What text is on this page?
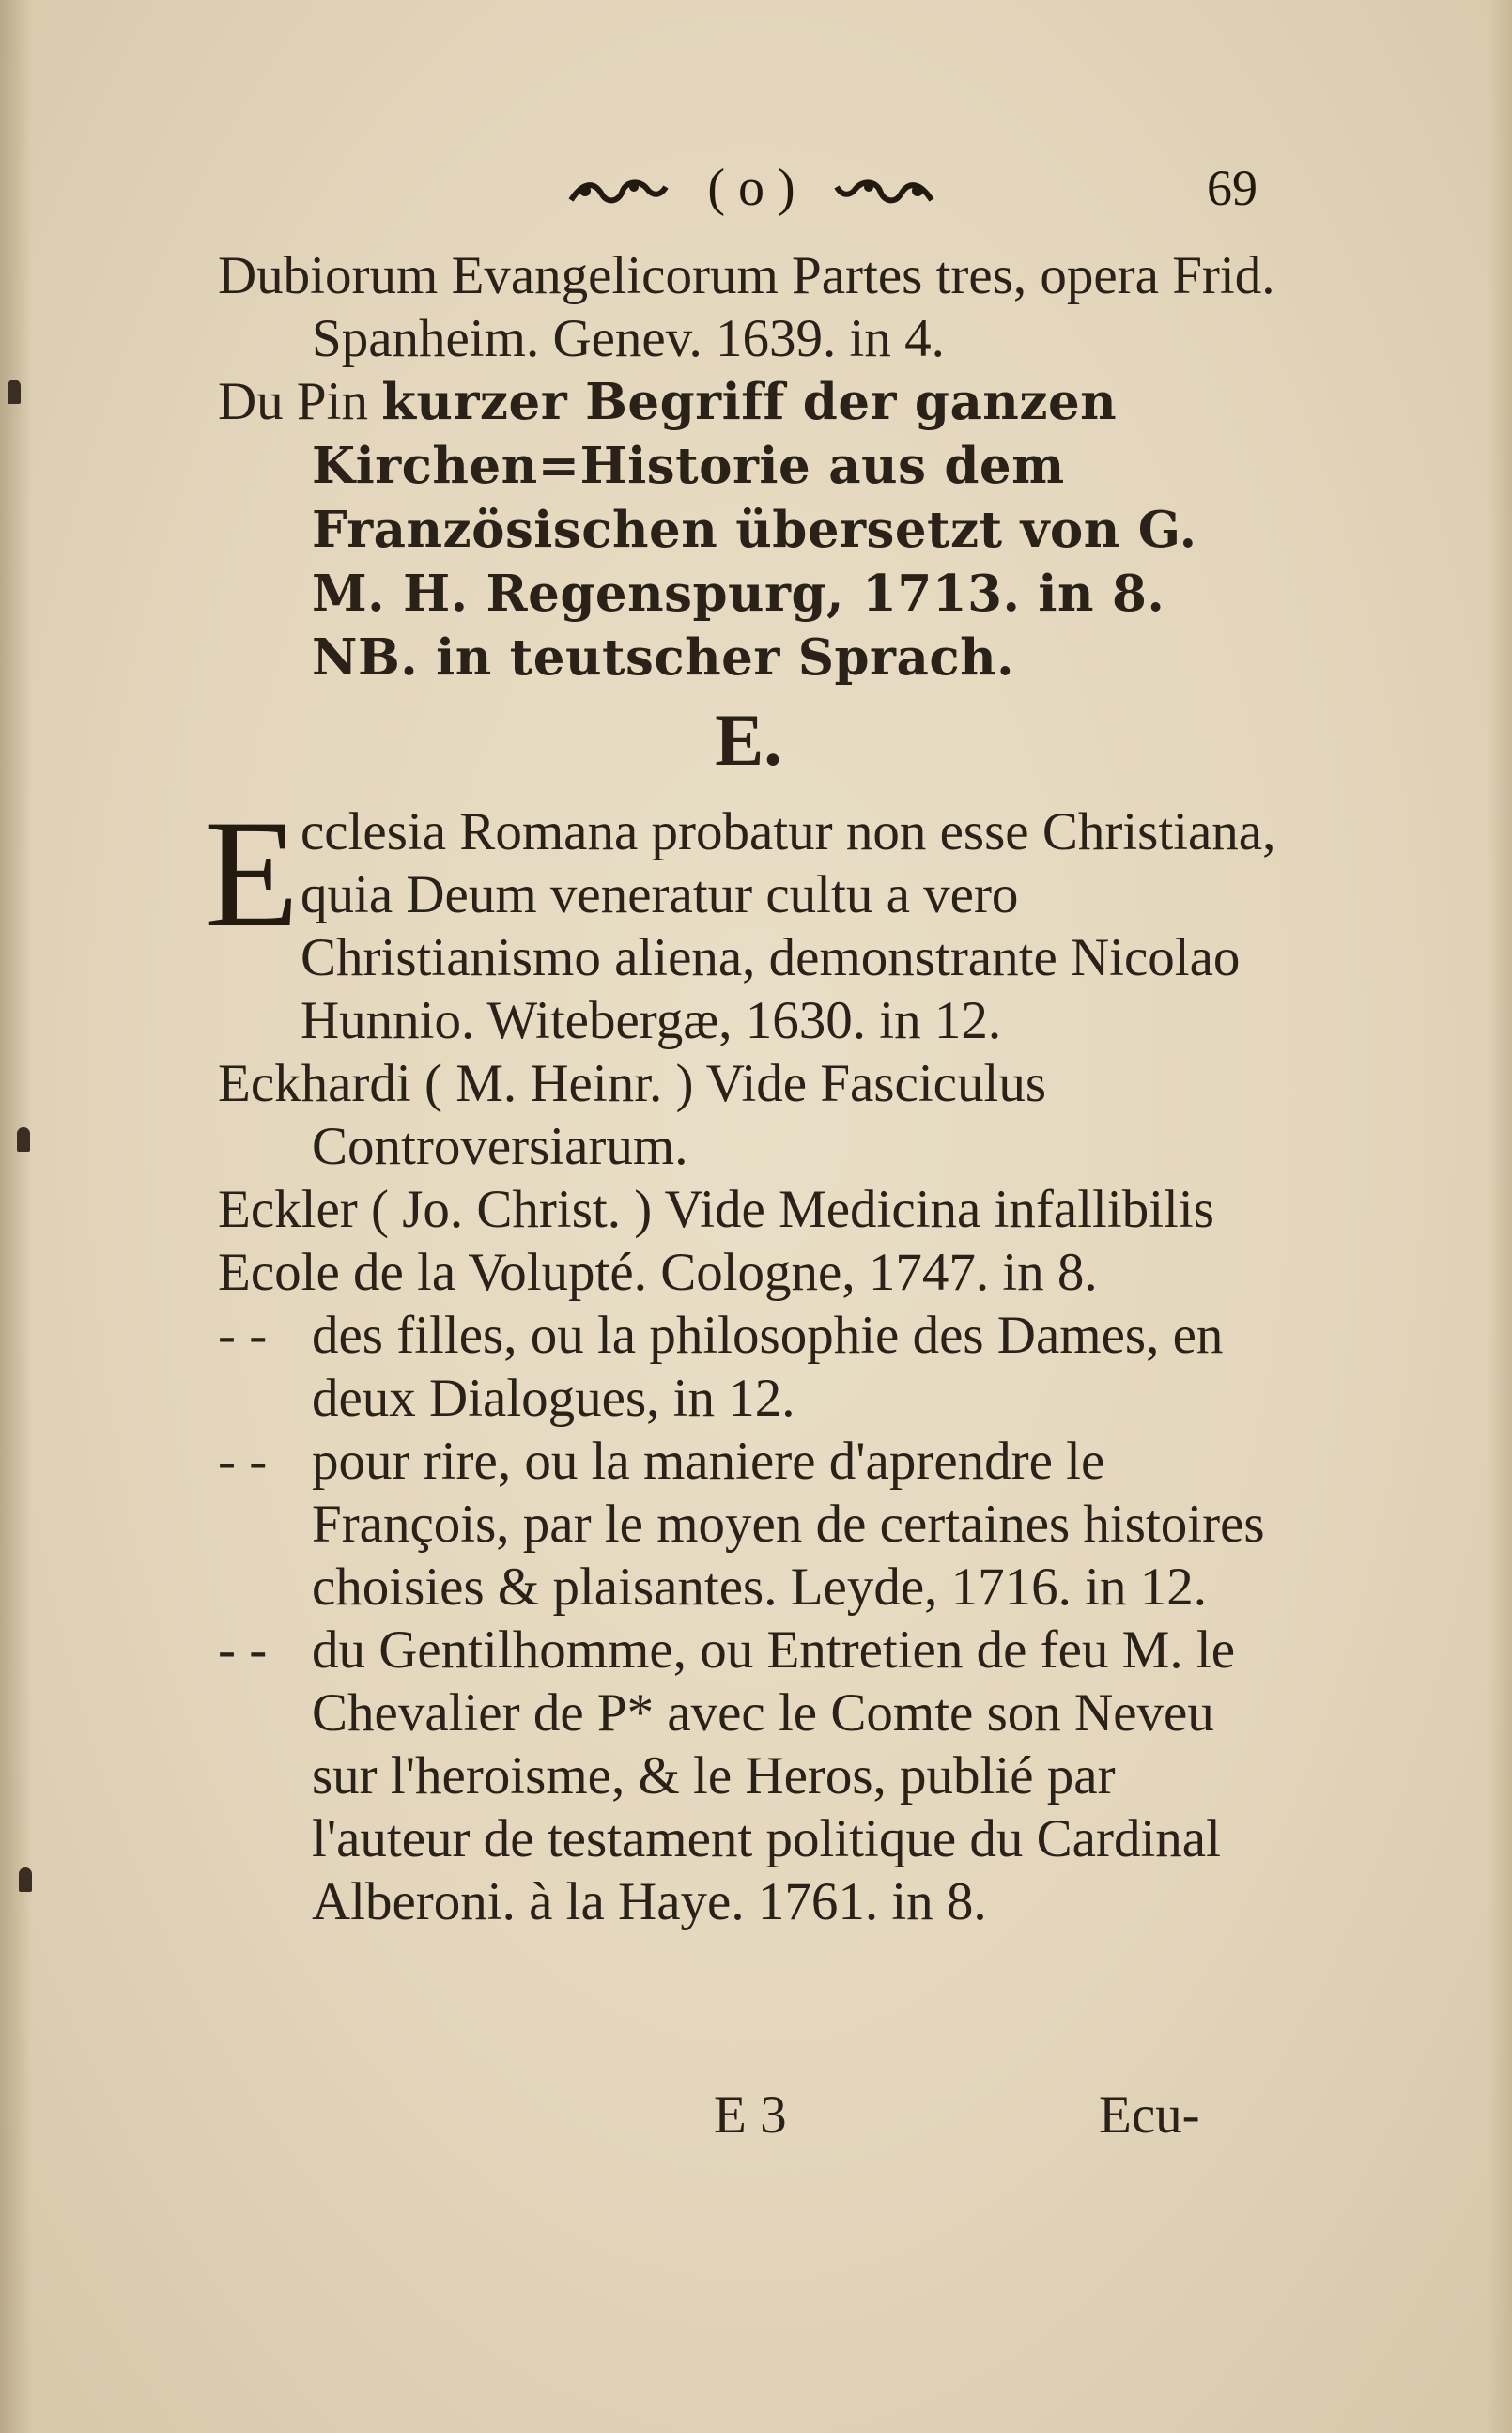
( o )	69

Dubiorum Evangelicorum Partes tres, opera Frid. Spanheim. Genev. 1639. in 4.

Du Pin kurzer Begriff der ganzen Kirchen=Historie aus dem Französischen übersetzt von G. M. H. Regenspurg, 1713. in 8. NB. in teutscher Sprach.

E.

E cclesia Romana probatur non esse Christiana, quia Deum veneratur cultu a vero Christianismo aliena, demonstrante Nicolao Hunnio. Witebergæ, 1630. in 12.

Eckhardi ( M. Heinr. ) Vide Fasciculus Controversiarum.

Eckler ( Jo. Christ. ) Vide Medicina infallibilis

Ecole de la Volupté. Cologne, 1747. in 8.

- - des filles, ou la philosophie des Dames, en deux Dialogues, in 12.

- - pour rire, ou la maniere d'aprendre le François, par le moyen de certaines histoires choisies & plaisantes. Leyde, 1716. in 12.

- - du Gentilhomme, ou Entretien de feu M. le Chevalier de P* avec le Comte son Neveu sur l'heroisme, & le Heros, publié par l'auteur de testament politique du Cardinal Alberoni. à la Haye. 1761. in 8.

E 3	Ecu-
